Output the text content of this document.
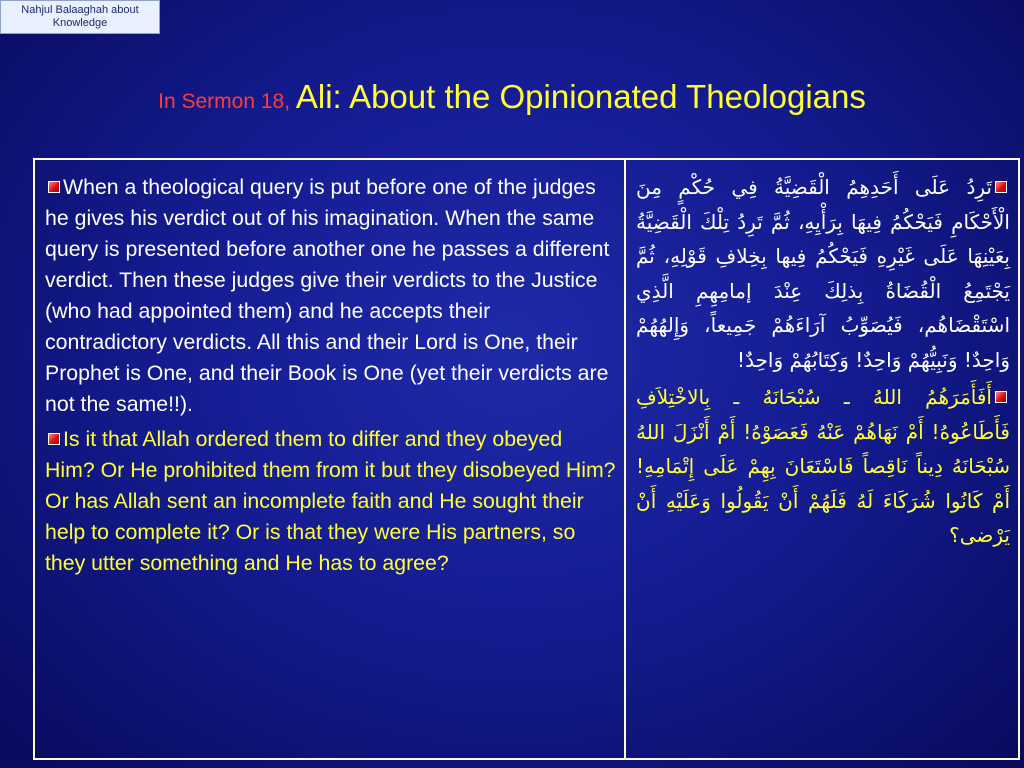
Nahjul Balaaghah about Knowledge
In Sermon 18, Ali: About the Opinionated Theologians

When a theological query is put before one of the judges he gives his verdict out of his imagination. When the same query is presented before another one he passes a different verdict. Then these judges give their verdicts to the Justice (who had appointed them) and he accepts their contradictory verdicts. All this and their Lord is One, their Prophet is One, and their Book is One (yet their verdicts are not the same!!).

Is it that Allah ordered them to differ and they obeyed Him? Or He prohibited them from it but they disobeyed Him? Or has Allah sent an incomplete faith and He sought their help to complete it? Or is that they were His partners, so they utter something and He has to agree?

تَرِدُ عَلَى أَحَدِهِمُ الْقَضِيَّةُ فِي حُكْمٍ مِنَ الْأَحْكَامِ فَيَحْكُمُ فِيهَا بِرَأْيِهِ، ثُمَّ تَرِدُ تِلْكَ الْقَضِيَّةُ بِعَيْنِهَا عَلَى غَيْرِهِ فَيَحْكُمُ فِيها بِخِلافِ قَوْلِهِ، ثُمَّ يَجْتَمِعُ الْقُضَاةُ بِذلِكَ عِنْدَ إمامِهِمِ الَّذِي اسْتَقْضَاهُم، فَيُصَوِّبُ آرَاءَهُمْ جَمِيعاً، وَإِلهُهُمْ وَاحِدٌ! وَنَبِيُّهُمْ وَاحِدٌ! وَكِتَابُهُمْ وَاحِدٌ!

أَفَأَمَرَهُمُ اللهُ ـ سُبْحَانَهُ ـ بِالاخْتِلاَفِ فَأَطَاعُوهُ! أَمْ نَهَاهُمْ عَنْهُ فَعَصَوْهُ! أَمْ أَنْزَلَ اللهُ سُبْحَانَهُ دِيناً نَاقِصاً فَاسْتَعَانَ بِهِمْ عَلَى إِتْمَامِهِ! أَمْ كَانُوا شُرَكَاءَ لَهُ فَلَهُمْ أَنْ يَقُولُوا وَعَلَيْهِ أَنْ يَرْضى؟
